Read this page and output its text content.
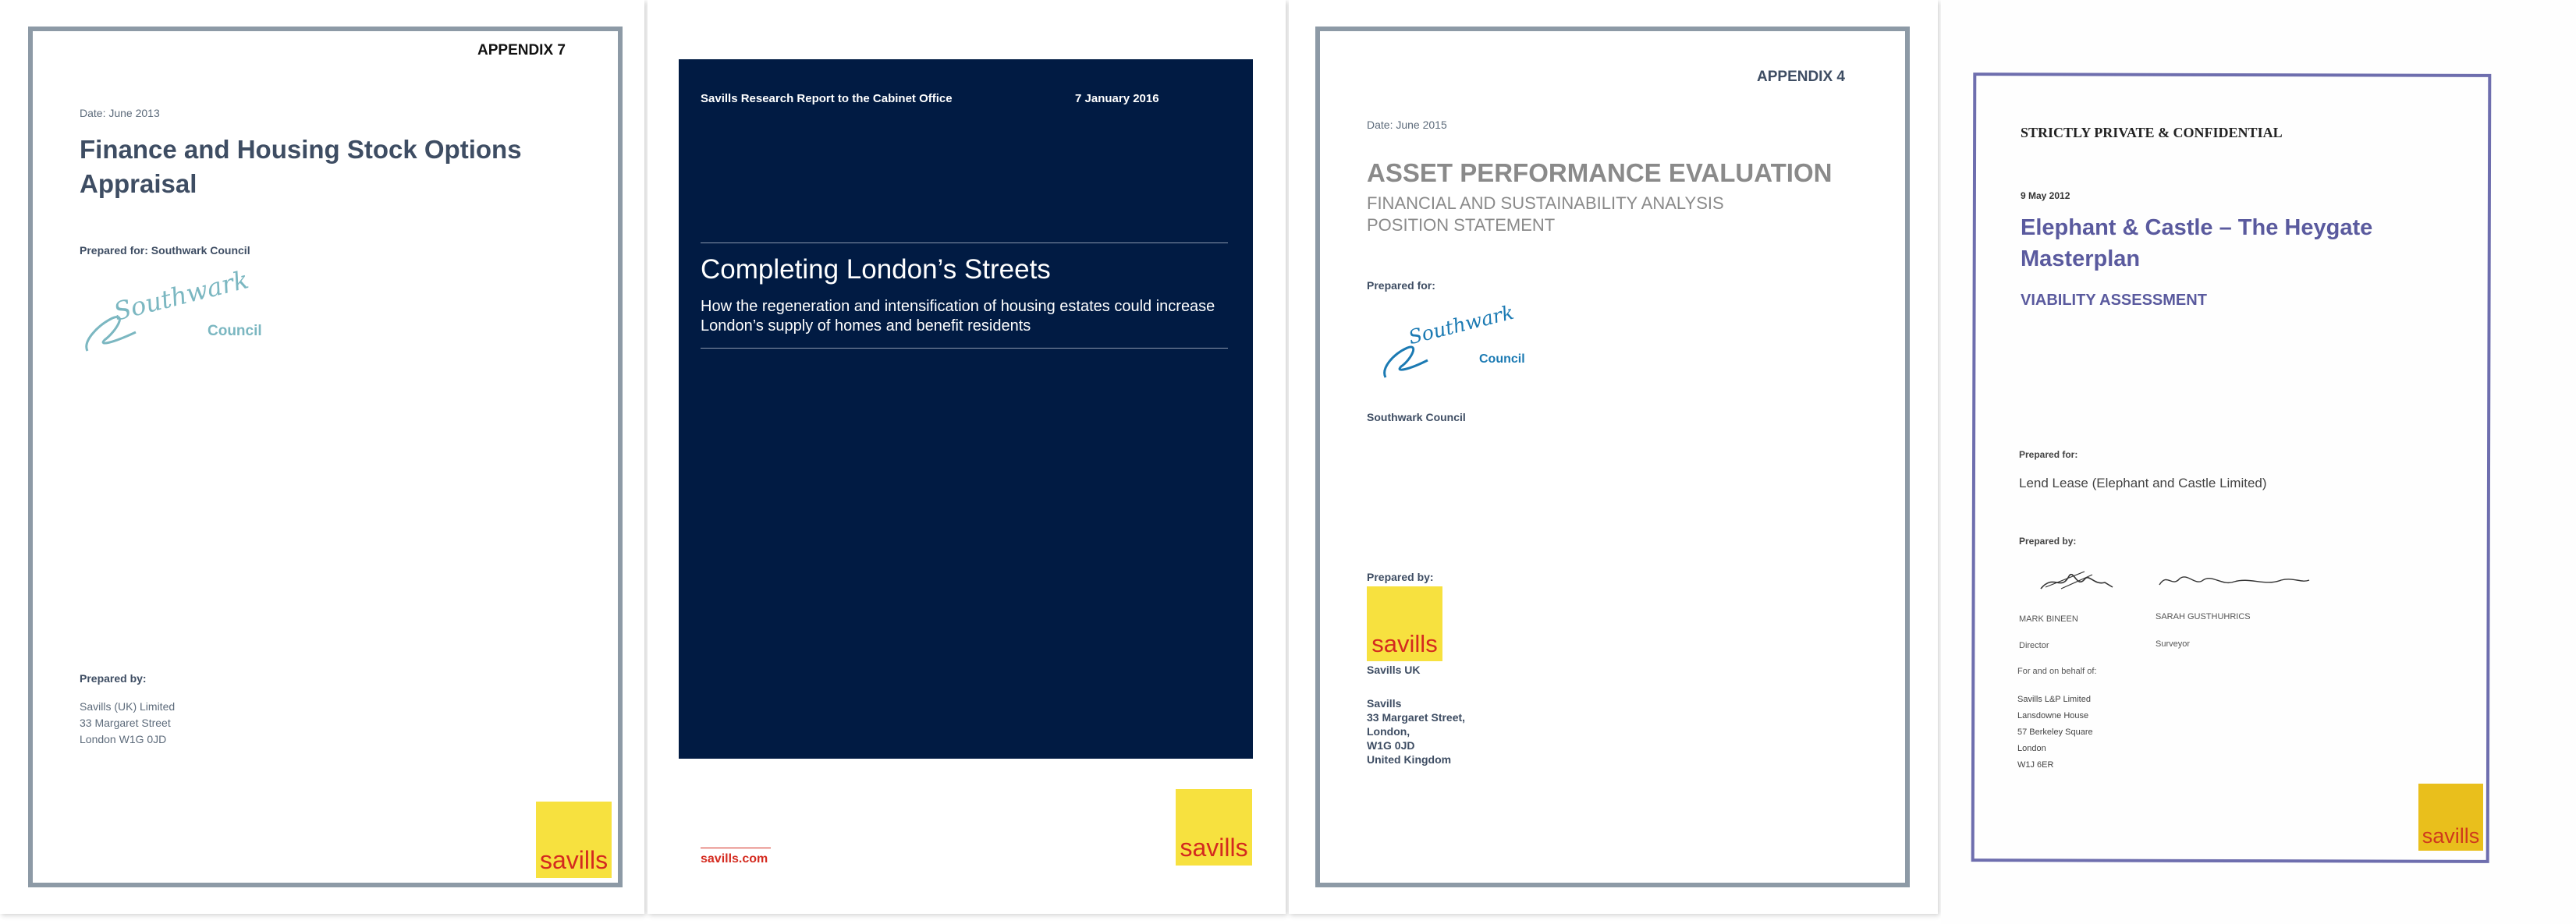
APPENDIX 7
Date: June 2013
Finance and Housing Stock Options Appraisal
Prepared for: Southwark Council
Southwark
Council
Prepared by:
Savills (UK) Limited
33 Margaret Street
London W1G 0JD
savills
Savills Research Report to the Cabinet Office	7 January 2016
Completing London’s Streets
How the regeneration and intensification of housing estates could increase London’s supply of homes and benefit residents
savills.com	savills
APPENDIX 4
Date: June 2015
ASSET PERFORMANCE EVALUATION
FINANCIAL AND SUSTAINABILITY ANALYSIS
POSITION STATEMENT
Prepared for:
Southwark
Council
Southwark Council
Prepared by:
savills
Savills UK
Savills
33 Margaret Street,
London,
W1G 0JD
United Kingdom
STRICTLY PRIVATE & CONFIDENTIAL
9 May 2012
Elephant & Castle – The Heygate Masterplan
VIABILITY ASSESSMENT
Prepared for:
Lend Lease (Elephant and Castle Limited)
Prepared by:
MARK BINEEN	SARAH GUSTHUHRICS
Director	Surveyor
For and on behalf of:
Savills L&P Limited
Lansdowne House
57 Berkeley Square
London
W1J 6ER
savills
